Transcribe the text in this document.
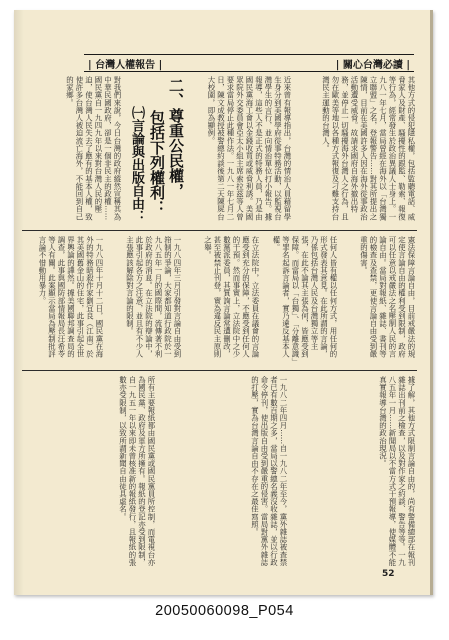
| 台灣人權報告 |	| 關心台灣必讀 |
其他方式的侵犯隱私權，包括監聽電話、威脅家人及財產、騷擾性的跟監、勒索、報復等行為，經常發生於政治異議人士身上。一九八一年七月，當局曾經在海外以「台灣獨立聯盟」之名，登報警告……對其所提出之陳情，目前在美國許多人因在海外從事政治活動遭受威脅。故請求國府自海外撤出特務，並停止一切騷擾海外台灣人之行為，且勿在歐美等地以各種方式報復及刁難支持台灣民主運動的台灣人。
近來曾有報導指出，台灣的情治人員藉留學生身分到美國學府從事特務活動，以監視台灣學生的言行，並向情治單位打小報告。據報導，這些人不是正式的特務人員，乃是由國民黨海工會以金錢收買或威脅利誘。美國眾院外交委員會亞太小組主席索拉茲等人曾要求當局停止此種作法。一九八一年七月二日，陳文成教授被警總約談後第二天陳屍台大校園，即為顯例。
二、尊重公民權，
包括下列權利：
㈠言論與出版自由：
對我們來說，今日台灣的政府縱然宣稱其為中華民國政府，卻是一個非民主的政權……國民黨自一九四九年以來對台灣人民的壓迫，使台灣人民失去了應有的基本人權，致使許多台灣人被迫流亡海外，不能回到自己的家鄉。
憲法保障言論自由，目前戒嚴法的規定使言論自由的權利受到限制，政府可以任意以戒嚴法之名壓制人民的言論自由。當局對報紙、雜誌、書刊等的檢查及查禁，更使言論自由受到嚴重的傷害。
任何人皆有權以任何方式，用任何的形式發表其意見。在此所謂的言論，乃係包括台灣人民及台灣獨立等主張，在此不論其主張為何，皆應受到保障。而當局以「台獨」、「分離意識」等罪名起訴言論者，實乃違反基本人權。
在立法院中，立法委員在議會的言論應受到充分的保障，不應受到任何人的干預。然而事實上，立法院中之少數黨派委員，其質詢言論常遭刪改，甚至被禁止刊登，實為違反民主原則之舉。
一九八四年三月引發對言論自由受到箝制的爭論，大家都知道行政院於一九八五年一月的國際間，流傳著不利於政府的消息。在立法院的辯論中，此事引起各方之注意，並且有不少人主張應該解除對言論的限制。
一九八四年十月十二日，國民黨在海外的特務暗殺作家劉宜良（江南）於其美國舊金山的住宅，此事引起全世界輿論的譁然。據美國聯邦調查局的調查，此事與國防部情報局長汪希苓等人有關。此案顯示當局為壓制批評言論不惜動用暴力。
據了解，其他方式限制言論自由的，尚有警備總部在報刊雜誌出刊前之檢查，以及對作家之約談、警告等等。一九八五年一月……新聞局以不當方式干預報導，使媒體不能真實報導台灣的政治現況。
一九八二年四月……自一九八二年至今，黨外雜誌被查禁者已有數百期之多，當局以警總名義沒收雜誌，並以行政命令停刊，使出版自由受到嚴重的侵害。當局對黨外雜誌的打壓，實為台灣言論自由不存在之最佳寫照。
所有主要報紙都由國民黨或國民黨員所控制，而電視台亦為國民黨、政府及軍方所擁有。報紙的登記亦受到限制，自一九五一年以來即未曾核准新的報紙發行，且報紙的張數亦受限制，以致所謂新聞自由徒具虛名。
52
20050060098_P054
